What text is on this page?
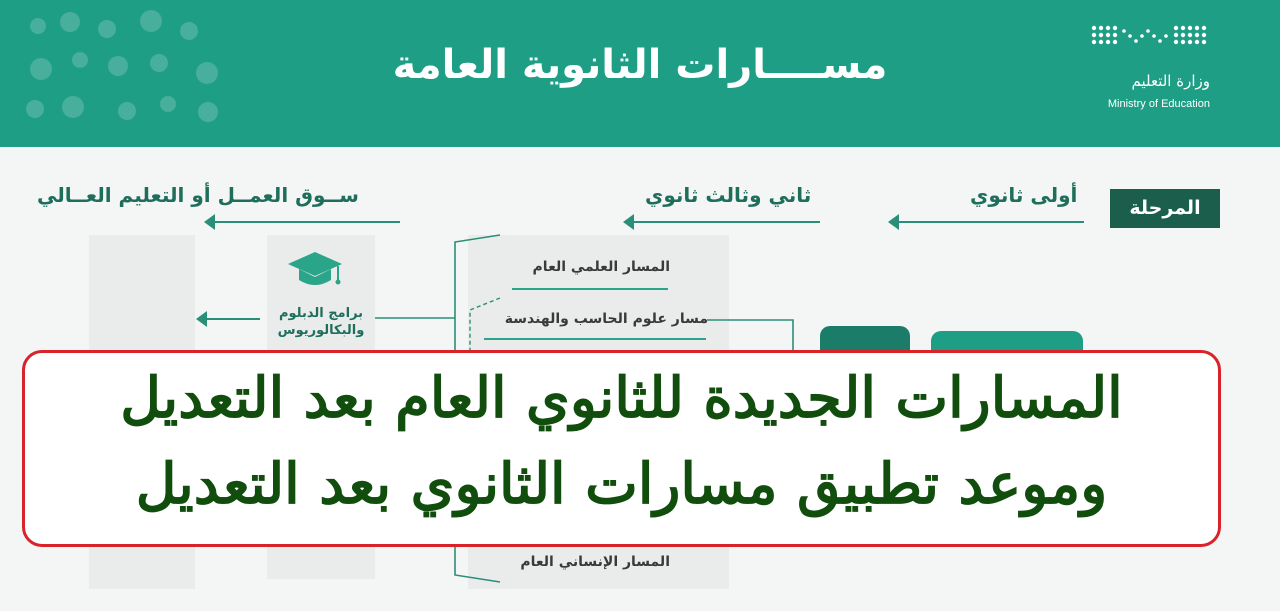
مســــارات الثانوية العامة	وزارة التعليم
Ministry of Education
المرحلة
أولى ثانوي
ثاني وثالث ثانوي
ســوق العمــل أو التعليم العــالي
برامج الدبلوم والبكالوريوس
المسار العلمي العام
مسار علوم الحاسب والهندسة
المسار الإنساني العام
المسارات الجديدة للثانوي العام بعد التعديل
وموعد تطبيق مسارات الثانوي بعد التعديل
